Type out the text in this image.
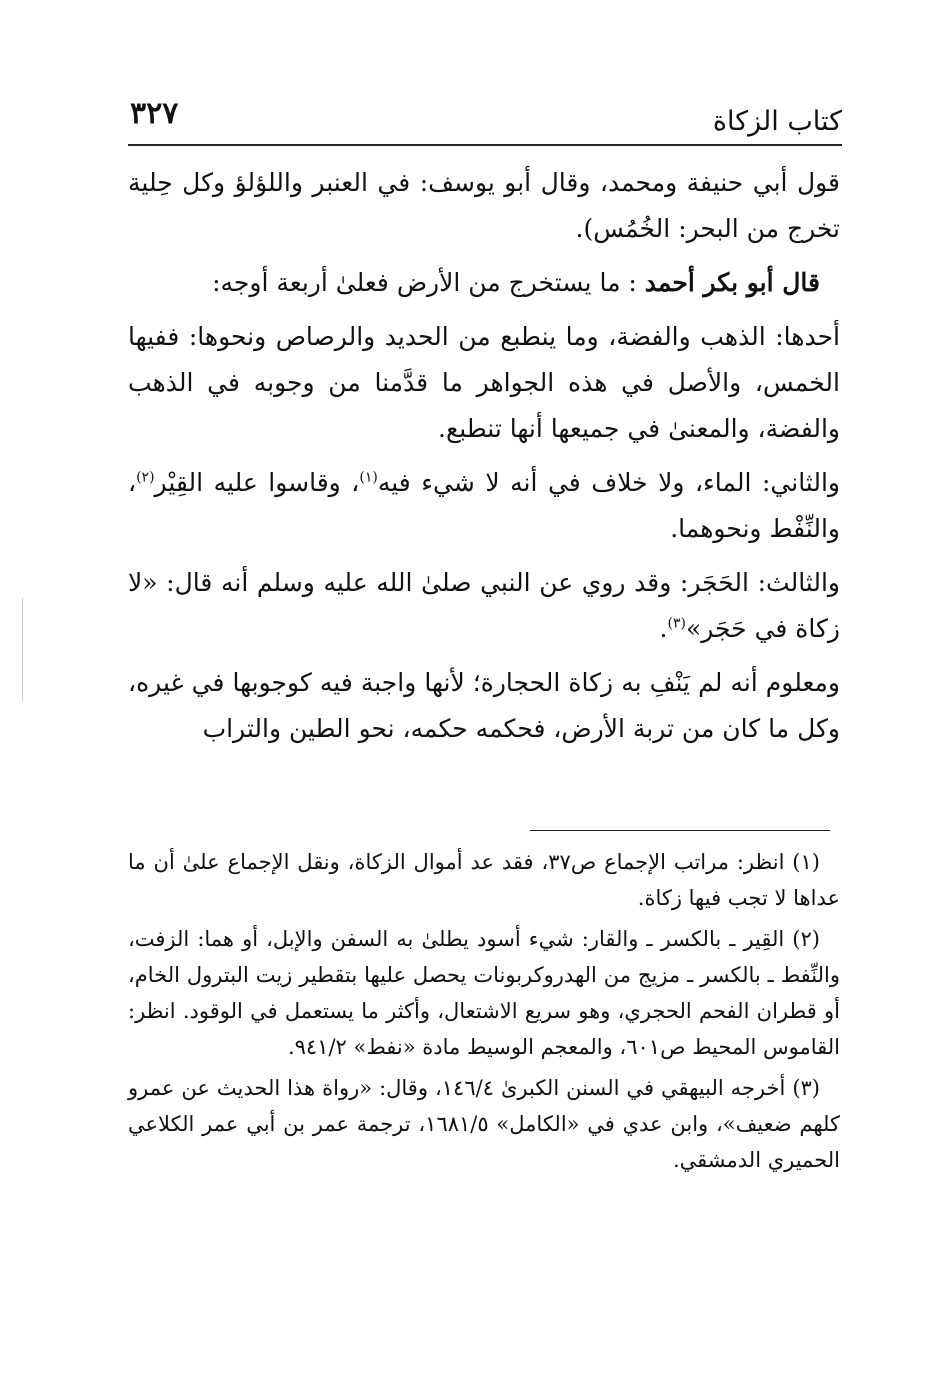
كتاب الزكاة
٣٢٧

قول أبي حنيفة ومحمد، وقال أبو يوسف: في العنبر واللؤلؤ وكل حِلية تخرج من البحر: الخُمُس).

قال أبو بكر أحمد : ما يستخرج من الأرض فعلىٰ أربعة أوجه:

أحدها: الذهب والفضة، وما ينطبع من الحديد والرصاص ونحوها: ففيها الخمس، والأصل في هذه الجواهر ما قدَّمنا من وجوبه في الذهب والفضة، والمعنىٰ في جميعها أنها تنطبع.

والثاني: الماء، ولا خلاف في أنه لا شيء فيه$^{(١)}$، وقاسوا عليه القِيْر$^{(٢)}$، والنِّفْط ونحوهما.

والثالث: الحَجَر: وقد روي عن النبي صلىٰ الله عليه وسلم أنه قال: «لا زكاة في حَجَر»$^{(٣)}$.

ومعلوم أنه لم يَنْفِ به زكاة الحجارة؛ لأنها واجبة فيه كوجوبها في غيره، وكل ما كان من تربة الأرض، فحكمه حكمه، نحو الطين والتراب

(١) انظر: مراتب الإجماع ص٣٧، فقد عد أموال الزكاة، ونقل الإجماع علىٰ أن ما عداها لا تجب فيها زكاة.

(٢) القِير ـ بالكسر ـ والقار: شيء أسود يطلىٰ به السفن والإبل، أو هما: الزفت، والنِّفط ـ بالكسر ـ مزيج من الهدروكربونات يحصل عليها بتقطير زيت البترول الخام، أو قطران الفحم الحجري، وهو سريع الاشتعال، وأكثر ما يستعمل في الوقود. انظر: القاموس المحيط ص٦٠١، والمعجم الوسيط مادة «نفط» ٩٤١/٢.

(٣) أخرجه البيهقي في السنن الكبرىٰ ١٤٦/٤، وقال: «رواة هذا الحديث عن عمرو كلهم ضعيف»، وابن عدي في «الكامل» ١٦٨١/٥، ترجمة عمر بن أبي عمر الكلاعي الحميري الدمشقي.
